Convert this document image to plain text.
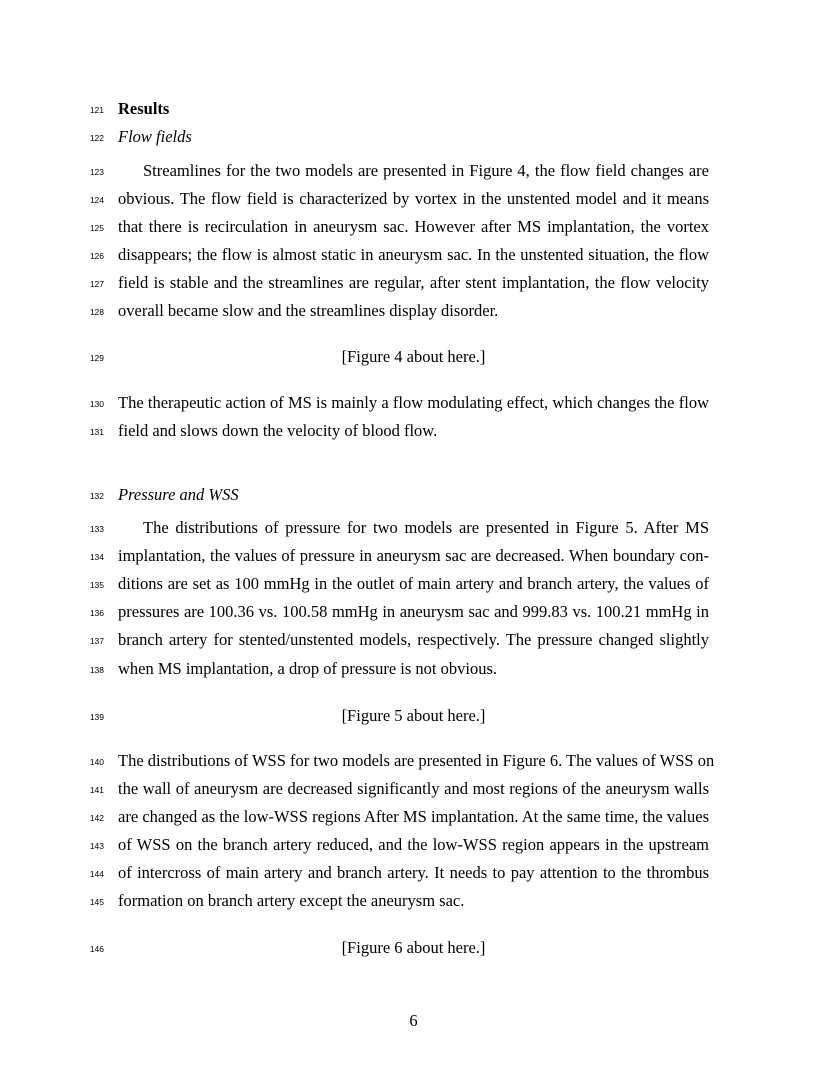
121 Results
122 Flow fields
123 Streamlines for the two models are presented in Figure 4, the flow field changes are
124 obvious. The flow field is characterized by vortex in the unstented model and it means
125 that there is recirculation in aneurysm sac. However after MS implantation, the vortex
126 disappears; the flow is almost static in aneurysm sac. In the unstented situation, the flow
127 field is stable and the streamlines are regular, after stent implantation, the flow velocity
128 overall became slow and the streamlines display disorder.
129	[Figure 4 about here.]
130 The therapeutic action of MS is mainly a flow modulating effect, which changes the flow
131 field and slows down the velocity of blood flow.
132 Pressure and WSS
133 The distributions of pressure for two models are presented in Figure 5. After MS
134 implantation, the values of pressure in aneurysm sac are decreased. When boundary con-
135 ditions are set as 100 mmHg in the outlet of main artery and branch artery, the values of
136 pressures are 100.36 vs. 100.58 mmHg in aneurysm sac and 999.83 vs. 100.21 mmHg in
137 branch artery for stented/unstented models, respectively. The pressure changed slightly
138 when MS implantation, a drop of pressure is not obvious.
139	[Figure 5 about here.]
140 The distributions of WSS for two models are presented in Figure 6. The values of WSS on
141 the wall of aneurysm are decreased significantly and most regions of the aneurysm walls
142 are changed as the low-WSS regions After MS implantation. At the same time, the values
143 of WSS on the branch artery reduced, and the low-WSS region appears in the upstream
144 of intercross of main artery and branch artery. It needs to pay attention to the thrombus
145 formation on branch artery except the aneurysm sac.
146	[Figure 6 about here.]
6
